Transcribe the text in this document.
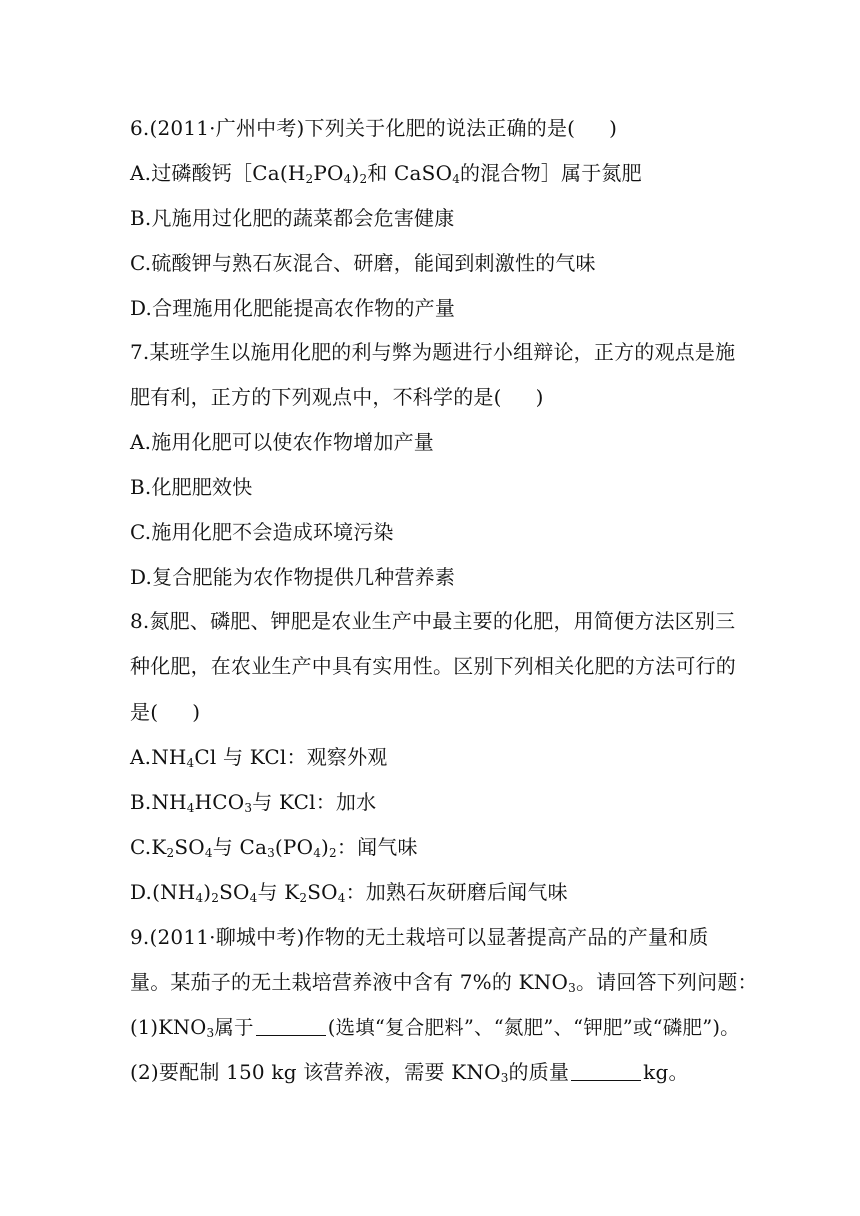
6.(2011·广州中考)下列关于化肥的说法正确的是( )
A.过磷酸钙$[Ca(H_2PO_4)_2$和 CaSO$_4$的混合物］属于氮肥
B.凡施用过化肥的蔬菜都会危害健康
C.硫酸钾与熟石灰混合、研磨，能闻到刺激性的气味
D.合理施用化肥能提高农作物的产量
7.某班学生以施用化肥的利与弊为题进行小组辩论，正方的观点是施
肥有利，正方的下列观点中，不科学的是( )
A.施用化肥可以使农作物增加产量
B.化肥肥效快
C.施用化肥不会造成环境污染
D.复合肥能为农作物提供几种营养素
8.氮肥、磷肥、钾肥是农业生产中最主要的化肥，用简便方法区别三
种化肥，在农业生产中具有实用性。区别下列相关化肥的方法可行的
是( )
$A.NH_4Cl$ 与 KCl：观察外观
$B.NH_4HCO_3$与 KCl：加水
$C.K_2SO_4$与 $Ca_3(PO_4)_2$：闻气味
$D.(NH_4)_2SO_4$与 $K_2SO_4$：加熟石灰研磨后闻气味
9.(2011·聊城中考)作物的无土栽培可以显著提高产品的产量和质
量。某茄子的无土栽培营养液中含有 7%的 $KNO_3$。请回答下列问题：
$(1)KNO_3$属于	(选填“复合肥料”、“氮肥”、“钾肥”或“磷肥”)。
(2)要配制 150 kg 该营养液，需要 $KNO_3$的质量	kg。
